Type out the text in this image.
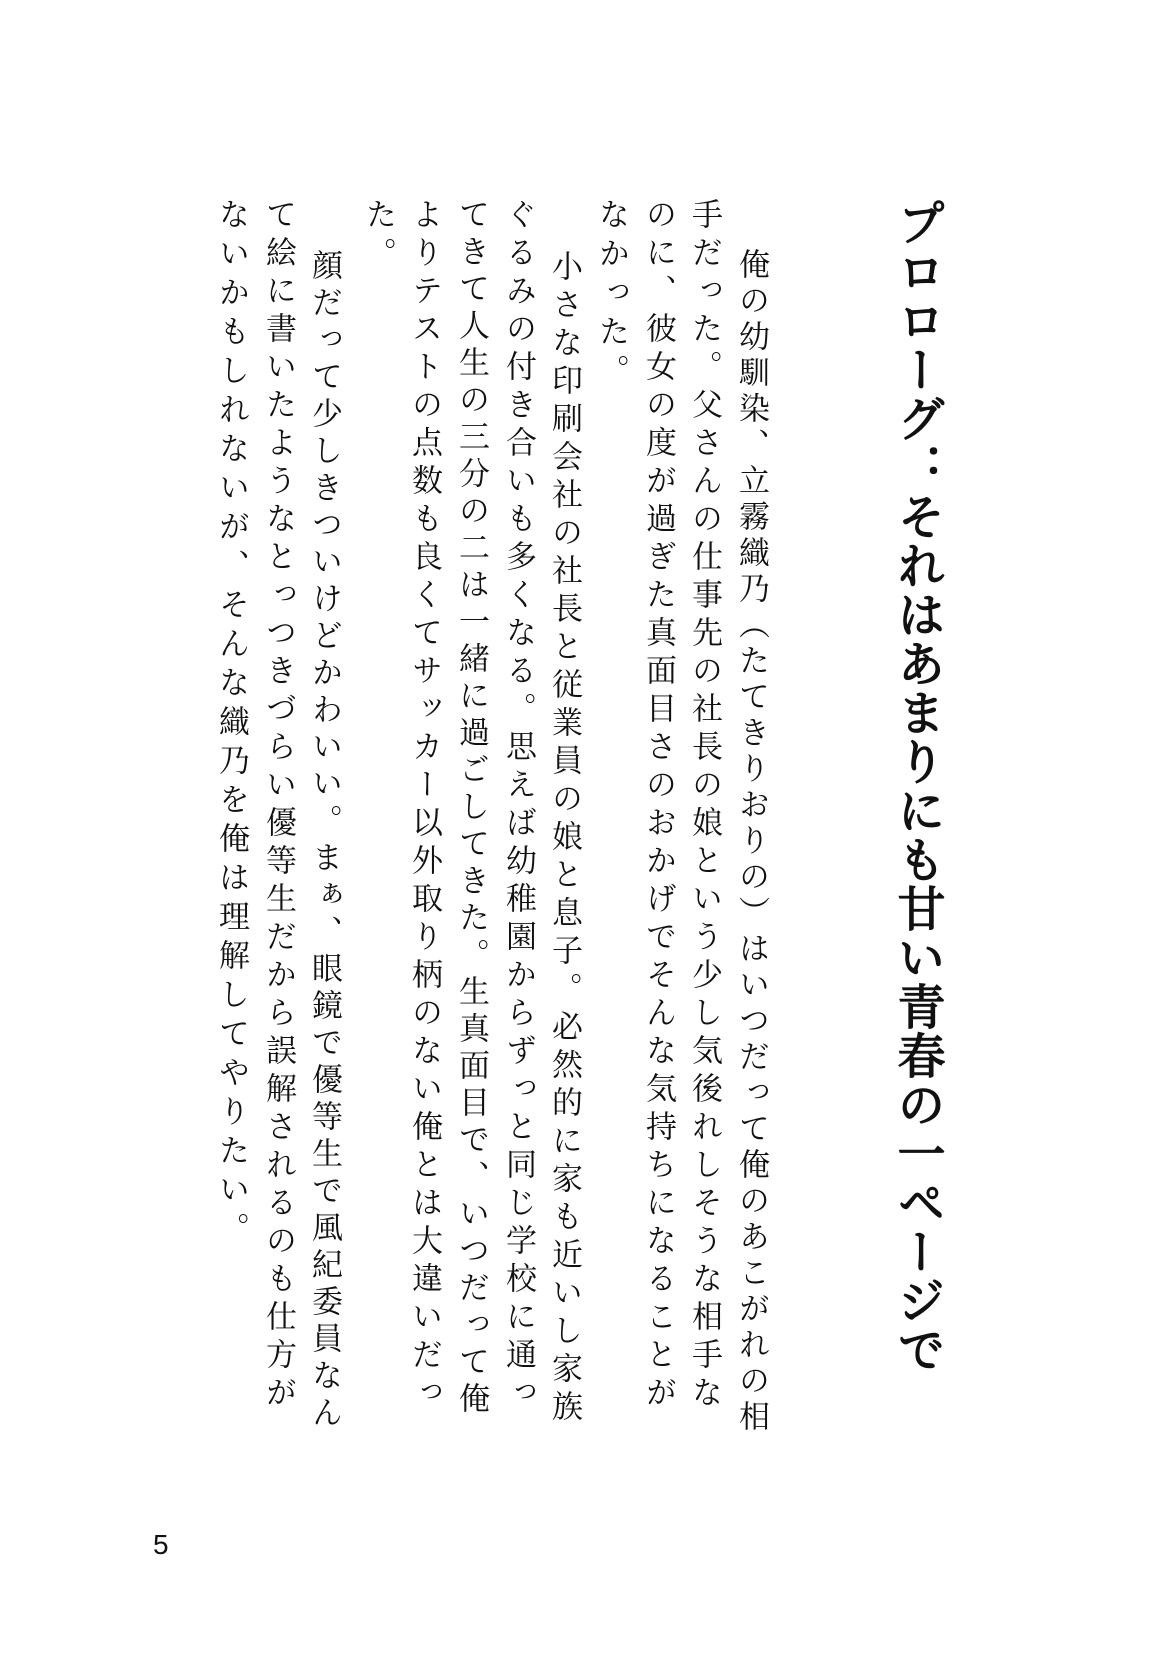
プロローグ：それはあまりにも甘い青春の一ページで
　俺の幼馴染、立霧織乃（たてきりおりの）はいつだって俺のあこがれの相
手だった。父さんの仕事先の社長の娘という少し気後れしそうな相手な
のに、彼女の度が過ぎた真面目さのおかげでそんな気持ちになることが
なかった。
　小さな印刷会社の社長と従業員の娘と息子。必然的に家も近いし家族
ぐるみの付き合いも多くなる。思えば幼稚園からずっと同じ学校に通っ
てきて人生の三分の二は一緒に過ごしてきた。生真面目で、いつだって俺
よりテストの点数も良くてサッカー以外取り柄のない俺とは大違いだっ
た。
　顔だって少しきついけどかわいい。まぁ、眼鏡で優等生で風紀委員なん
て絵に書いたようなとっつきづらい優等生だから誤解されるのも仕方が
ないかもしれないが、そんな織乃を俺は理解してやりたい。
5
